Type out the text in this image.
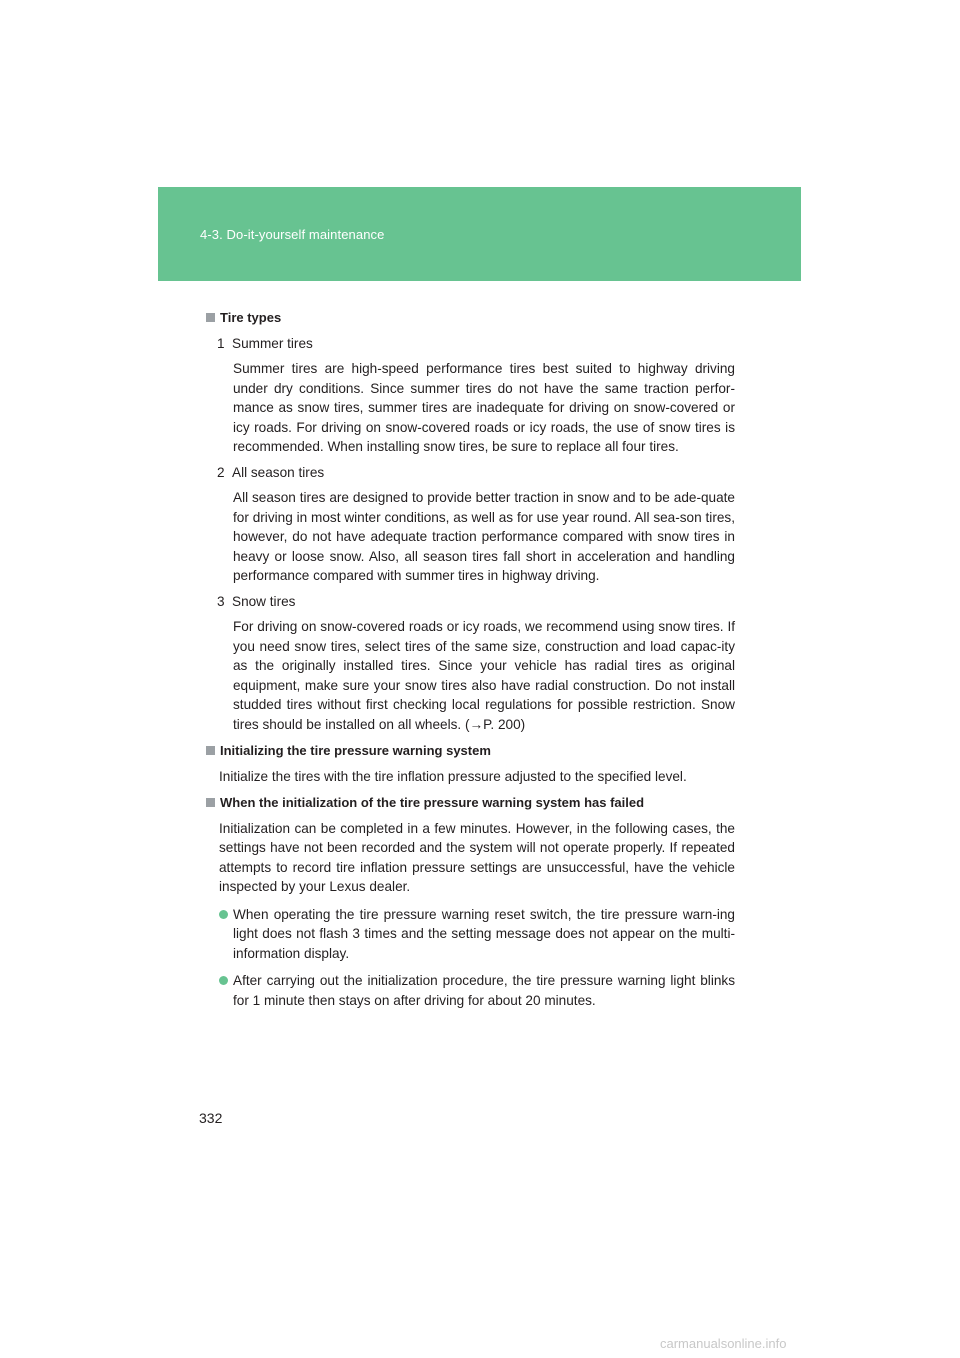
4-3. Do-it-yourself maintenance
Tire types
1 Summer tires
Summer tires are high-speed performance tires best suited to highway driving under dry conditions. Since summer tires do not have the same traction perfor-mance as snow tires, summer tires are inadequate for driving on snow-covered or icy roads. For driving on snow-covered roads or icy roads, the use of snow tires is recommended. When installing snow tires, be sure to replace all four tires.
2 All season tires
All season tires are designed to provide better traction in snow and to be ade-quate for driving in most winter conditions, as well as for use year round. All sea-son tires, however, do not have adequate traction performance compared with snow tires in heavy or loose snow. Also, all season tires fall short in acceleration and handling performance compared with summer tires in highway driving.
3 Snow tires
For driving on snow-covered roads or icy roads, we recommend using snow tires. If you need snow tires, select tires of the same size, construction and load capac-ity as the originally installed tires. Since your vehicle has radial tires as original equipment, make sure your snow tires also have radial construction. Do not install studded tires without first checking local regulations for possible restriction. Snow tires should be installed on all wheels. (→P. 200)
Initializing the tire pressure warning system
Initialize the tires with the tire inflation pressure adjusted to the specified level.
When the initialization of the tire pressure warning system has failed
Initialization can be completed in a few minutes. However, in the following cases, the settings have not been recorded and the system will not operate properly. If repeated attempts to record tire inflation pressure settings are unsuccessful, have the vehicle inspected by your Lexus dealer.
When operating the tire pressure warning reset switch, the tire pressure warn-ing light does not flash 3 times and the setting message does not appear on the multi-information display.
After carrying out the initialization procedure, the tire pressure warning light blinks for 1 minute then stays on after driving for about 20 minutes.
332
carmanualsonline.info
